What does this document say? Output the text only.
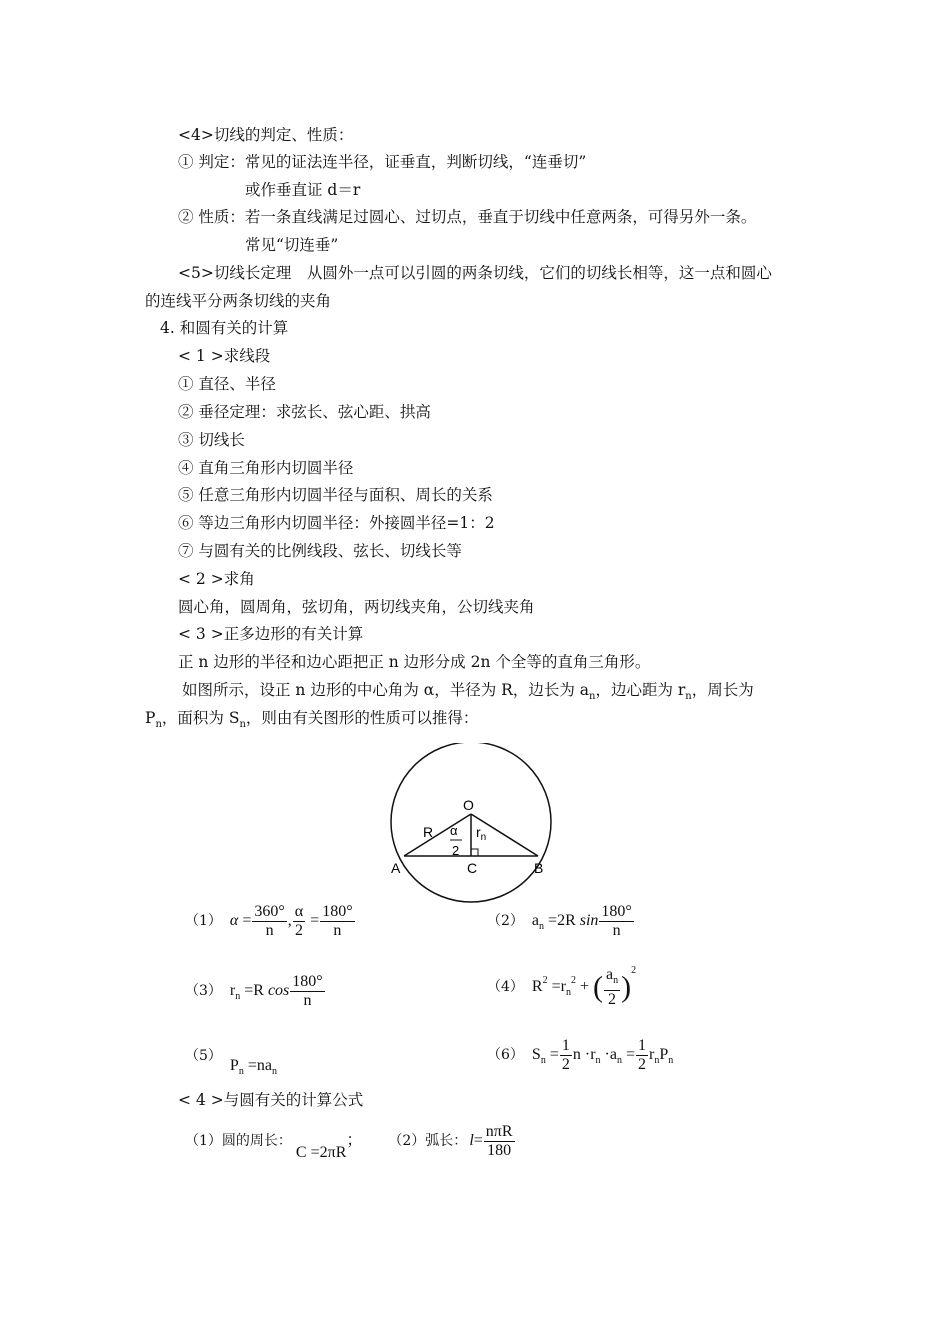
<4>切线的判定、性质：
① 判定：常见的证法连半径，证垂直，判断切线，“连垂切”
或作垂直证 d＝r
② 性质：若一条直线满足过圆心、过切点，垂直于切线中任意两条，可得另外一条。
常见“切连垂”
<5>切线长定理　从圆外一点可以引圆的两条切线，它们的切线长相等，这一点和圆心
的连线平分两条切线的夹角
4. 和圆有关的计算
< 1 >求线段
① 直径、半径
② 垂径定理：求弦长、弦心距、拱高
③ 切线长
④ 直角三角形内切圆半径
⑤ 任意三角形内切圆半径与面积、周长的关系
⑥ 等边三角形内切圆半径：外接圆半径=1：2
⑦ 与圆有关的比例线段、弦长、切线长等
< 2 >求角
圆心角，圆周角，弦切角，两切线夹角，公切线夹角
< 3 >正多边形的有关计算
正 n 边形的半径和边心距把正 n 边形分成 2n 个全等的直角三角形。
如图所示，设正 n 边形的中心角为 α，半径为 R，边长为 $a_n$，边心距为 $r_n$，周长为
$P_n$，面积为 $S_n$，则由有关图形的性质可以推得：
O
A	B
C
R α
2
$r_n$
（1） $\alpha = \frac{360^\circ}{n}$ , $\frac{\alpha}{2} = \frac{180^\circ}{n}$	（2） $a_n =2R$ $\sin \frac{180^\circ}{n}$
（3） $r_n =R$ $\cos \frac{180^\circ}{n}$	（4） $R^2 =r_n^2$ + ( $\frac{a_n}{2} )^2$
$(5)P_n =na_n$
（6） $S_n = \frac{1}{2}$ $n \cdot r_n \cdot a_n = \frac{1}{2} r_nP_n$
< 4 >与圆有关的计算公式
（1）圆的周长：C =2πR； （2）弧长： $l= \frac{\text{nπR}}{180}$
